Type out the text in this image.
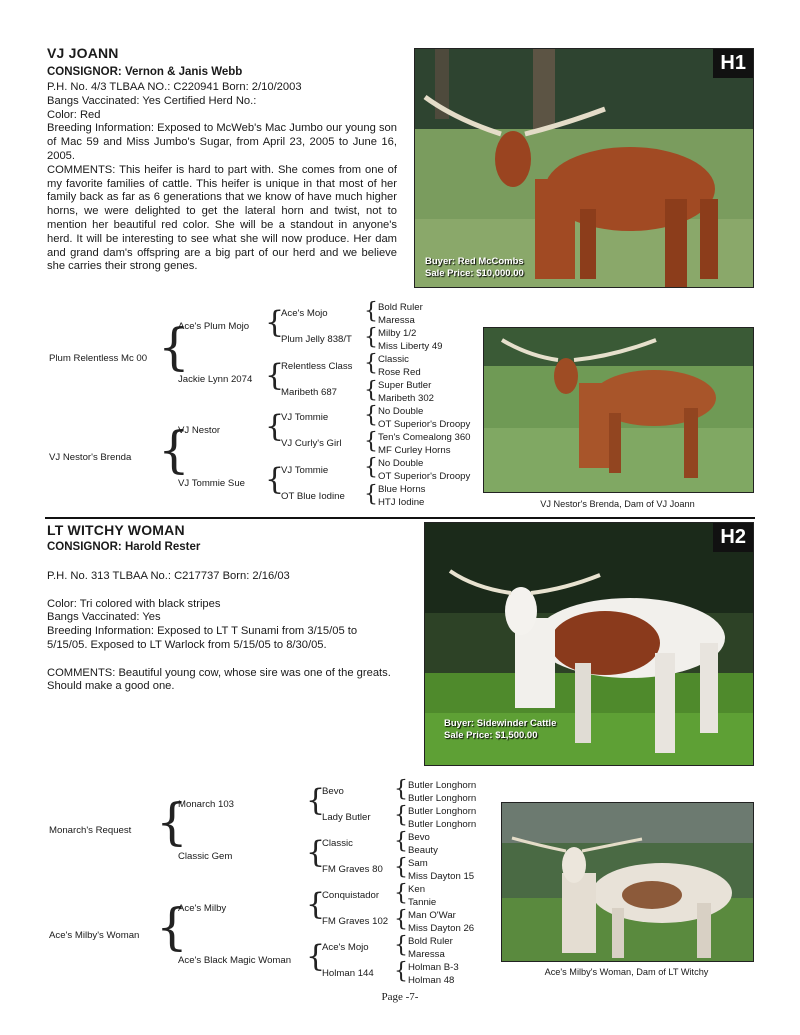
VJ JOANN
CONSIGNOR: Vernon & Janis Webb

P.H. No. 4/3 TLBAA NO.: C220941 Born: 2/10/2003

Bangs Vaccinated: Yes Certified Herd No.:

Color: Red

Breeding Information: Exposed to McWeb's Mac Jumbo our young son of Mac 59 and Miss Jumbo's Sugar, from April 23, 2005 to June 16, 2005.

COMMENTS: This heifer is hard to part with. She comes from one of my favorite families of cattle. This heifer is unique in that most of her family back as far as 6 generations that we know of have much higher horns, we were delighted to get the lateral horn and twist, not to mention her beautiful red color. She will be a standout in anyone's herd. It will be interesting to see what she will now produce. Her dam and grand dam's offspring are a big part of our herd and we believe she carries their strong genes.

H1
Buyer: Red McCombs
Sale Price: $10,000.00
Plum Relentless Mc 00 {
Ace's Plum Mojo
Jackie Lynn 2074
{
{
Ace's Mojo
Plum Jelly 838/T
Relentless Class
Maribeth 687
{
{
{
{
Bold Ruler
Maressa
Milby 1/2
Miss Liberty 49
Classic
Rose Red
Super Butler
Maribeth 302
VJ Nestor's Brenda {
VJ Nestor
VJ Tommie Sue
{
{
VJ Tommie
VJ Curly's Girl
VJ Tommie
OT Blue Iodine
{
{
{
{
No Double
OT Superior's Droopy
Ten's Comealong 360
MF Curley Horns
No Double
OT Superior's Droopy
Blue Horns
HTJ Iodine	VJ Nestor's Brenda, Dam of VJ Joann
LT WITCHY WOMAN
CONSIGNOR: Harold Rester

P.H. No. 313 TLBAA No.: C217737 Born: 2/16/03

Color: Tri colored with black stripes

Bangs Vaccinated: Yes

Breeding Information: Exposed to LT T Sunami from 3/15/05 to 5/15/05. Exposed to LT Warlock from 5/15/05 to 8/30/05.

COMMENTS: Beautiful young cow, whose sire was one of the greats. Should make a good one.

H2
Buyer: Sidewinder Cattle
Sale Price: $1,500.00
Monarch's Request {
Monarch 103
Classic Gem
{
{
Bevo
Lady Butler
Classic
FM Graves 80
{
{
{
{
Butler Longhorn
Butler Longhorn
Butler Longhorn
Butler Longhorn
Bevo
Beauty
Sam
Miss Dayton 15
Ace's Milby's Woman {
Ace's Milby
Ace's Black Magic Woman
{
{
Conquistador
FM Graves 102
Ace's Mojo
Holman 144
{
{
{
{
Ken
Tannie
Man O'War
Miss Dayton 26
Bold Ruler
Maressa
Holman B-3
Holman 48
Ace's Milby's Woman, Dam of LT Witchy
Page -7-
